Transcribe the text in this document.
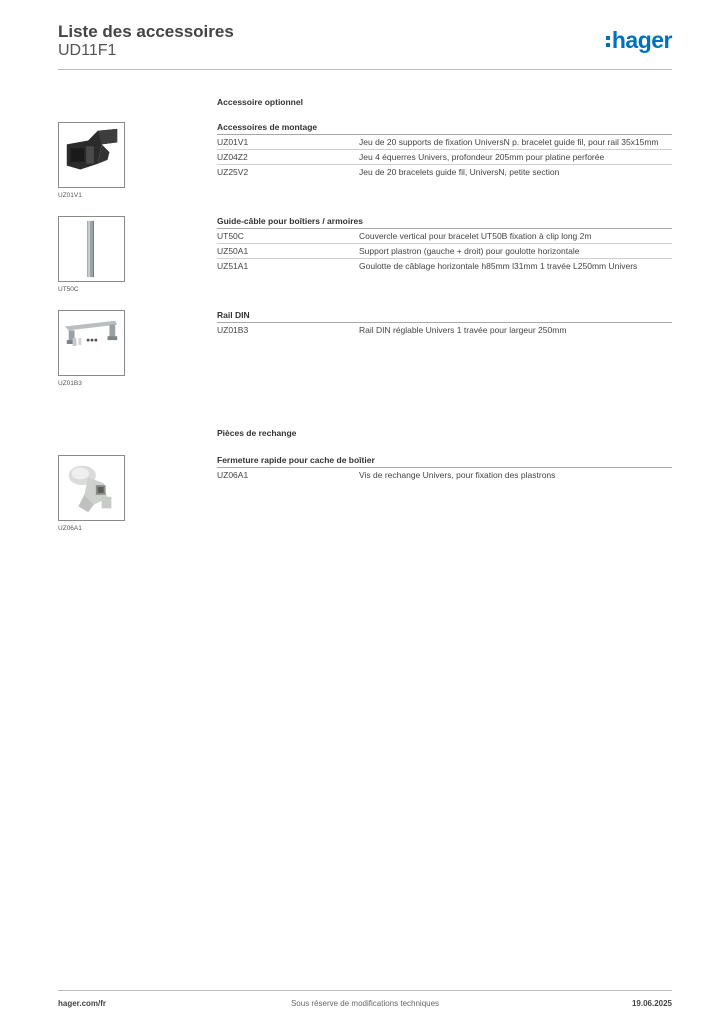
Liste des accessoires
UD11F1	hager
Accessoire optionnel
UZ01V1
Accessoires de montage
UZ01V1	Jeu de 20 supports de fixation UniversN p. bracelet guide fil, pour rail 35x15mm
UZ04Z2	Jeu 4 équerres Univers, profondeur 205mm pour platine perforée
UZ25V2	Jeu de 20 bracelets guide fil, UniversN, petite section
UT50C
Guide-câble pour boîtiers / armoires
UT50C	Couvercle vertical pour bracelet UT50B fixation à clip long 2m
UZ50A1	Support plastron (gauche + droit) pour goulotte horizontale
UZ51A1	Goulotte de câblage horizontale h85mm l31mm 1 travée L250mm Univers
UZ01B3
Rail DIN
UZ01B3	Rail DIN réglable Univers 1 travée pour largeur 250mm
Pièces de rechange
UZ06A1
Fermeture rapide pour cache de boîtier
UZ06A1	Vis de rechange Univers, pour fixation des plastrons
hager.com/fr	Sous réserve de modifications techniques	19.06.2025
